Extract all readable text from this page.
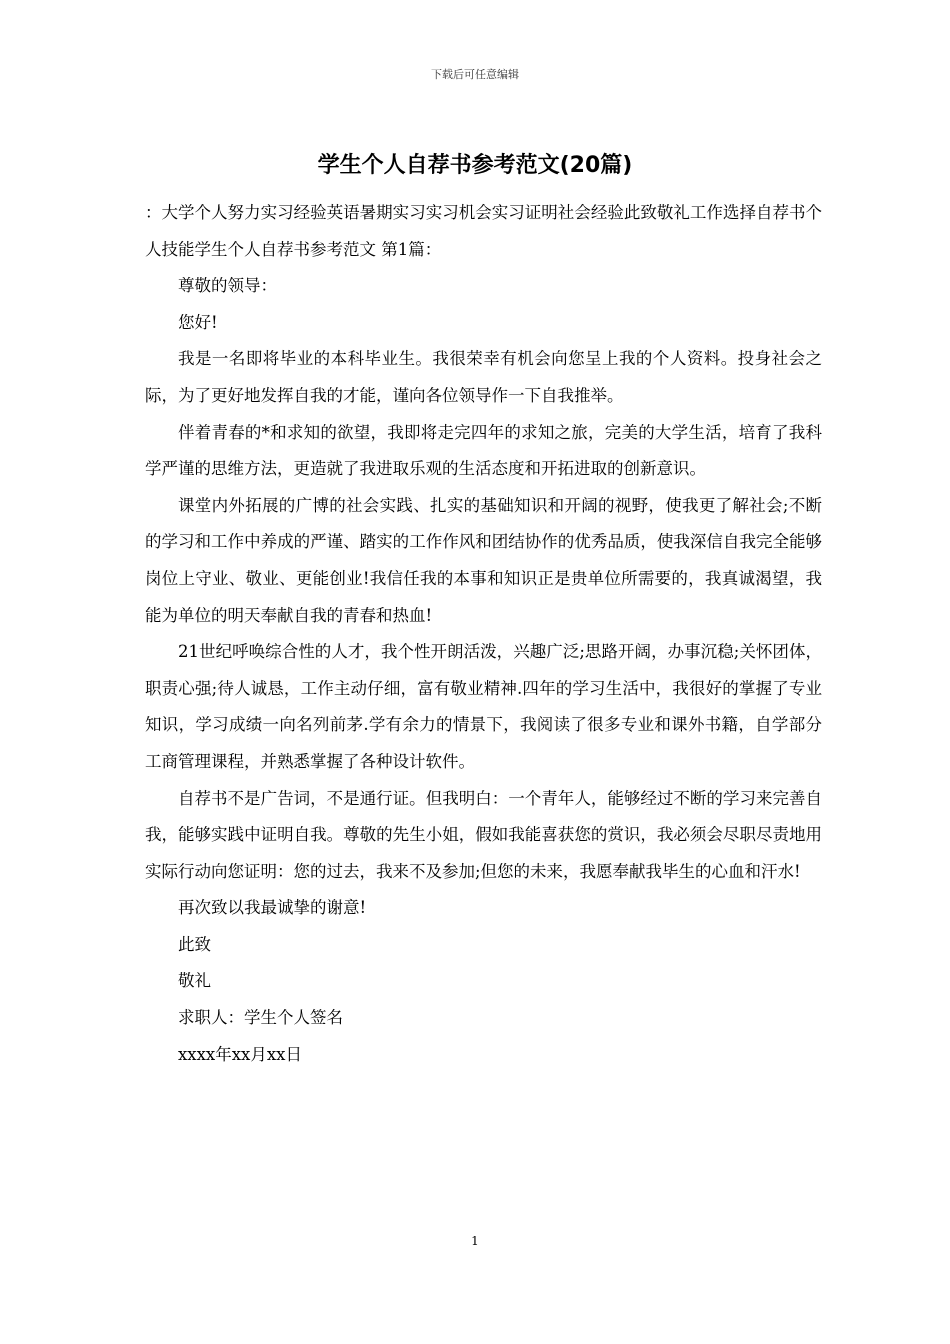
下载后可任意编辑
学生个人自荐书参考范文(20篇)

：大学个人努力实习经验英语暑期实习实习机会实习证明社会经验此致敬礼工作选择自荐书个人技能学生个人自荐书参考范文 第1篇：

尊敬的领导：

您好!

我是一名即将毕业的本科毕业生。我很荣幸有机会向您呈上我的个人资料。投身社会之际，为了更好地发挥自我的才能，谨向各位领导作一下自我推举。

伴着青春的*和求知的欲望，我即将走完四年的求知之旅，完美的大学生活，培育了我科学严谨的思维方法，更造就了我进取乐观的生活态度和开拓进取的创新意识。

课堂内外拓展的广博的社会实践、扎实的基础知识和开阔的视野，使我更了解社会;不断的学习和工作中养成的严谨、踏实的工作作风和团结协作的优秀品质，使我深信自我完全能够岗位上守业、敬业、更能创业!我信任我的本事和知识正是贵单位所需要的，我真诚渴望，我能为单位的明天奉献自我的青春和热血!

21世纪呼唤综合性的人才，我个性开朗活泼，兴趣广泛;思路开阔，办事沉稳;关怀团体，职责心强;待人诚恳，工作主动仔细，富有敬业精神.四年的学习生活中，我很好的掌握了专业知识，学习成绩一向名列前茅.学有余力的情景下，我阅读了很多专业和课外书籍，自学部分工商管理课程，并熟悉掌握了各种设计软件。

自荐书不是广告词，不是通行证。但我明白：一个青年人，能够经过不断的学习来完善自我，能够实践中证明自我。尊敬的先生小姐，假如我能喜获您的赏识，我必须会尽职尽责地用实际行动向您证明：您的过去，我来不及参加;但您的未来，我愿奉献我毕生的心血和汗水!

再次致以我最诚挚的谢意!

此致

敬礼

求职人：学生个人签名

xxxx年xx月xx日

1
